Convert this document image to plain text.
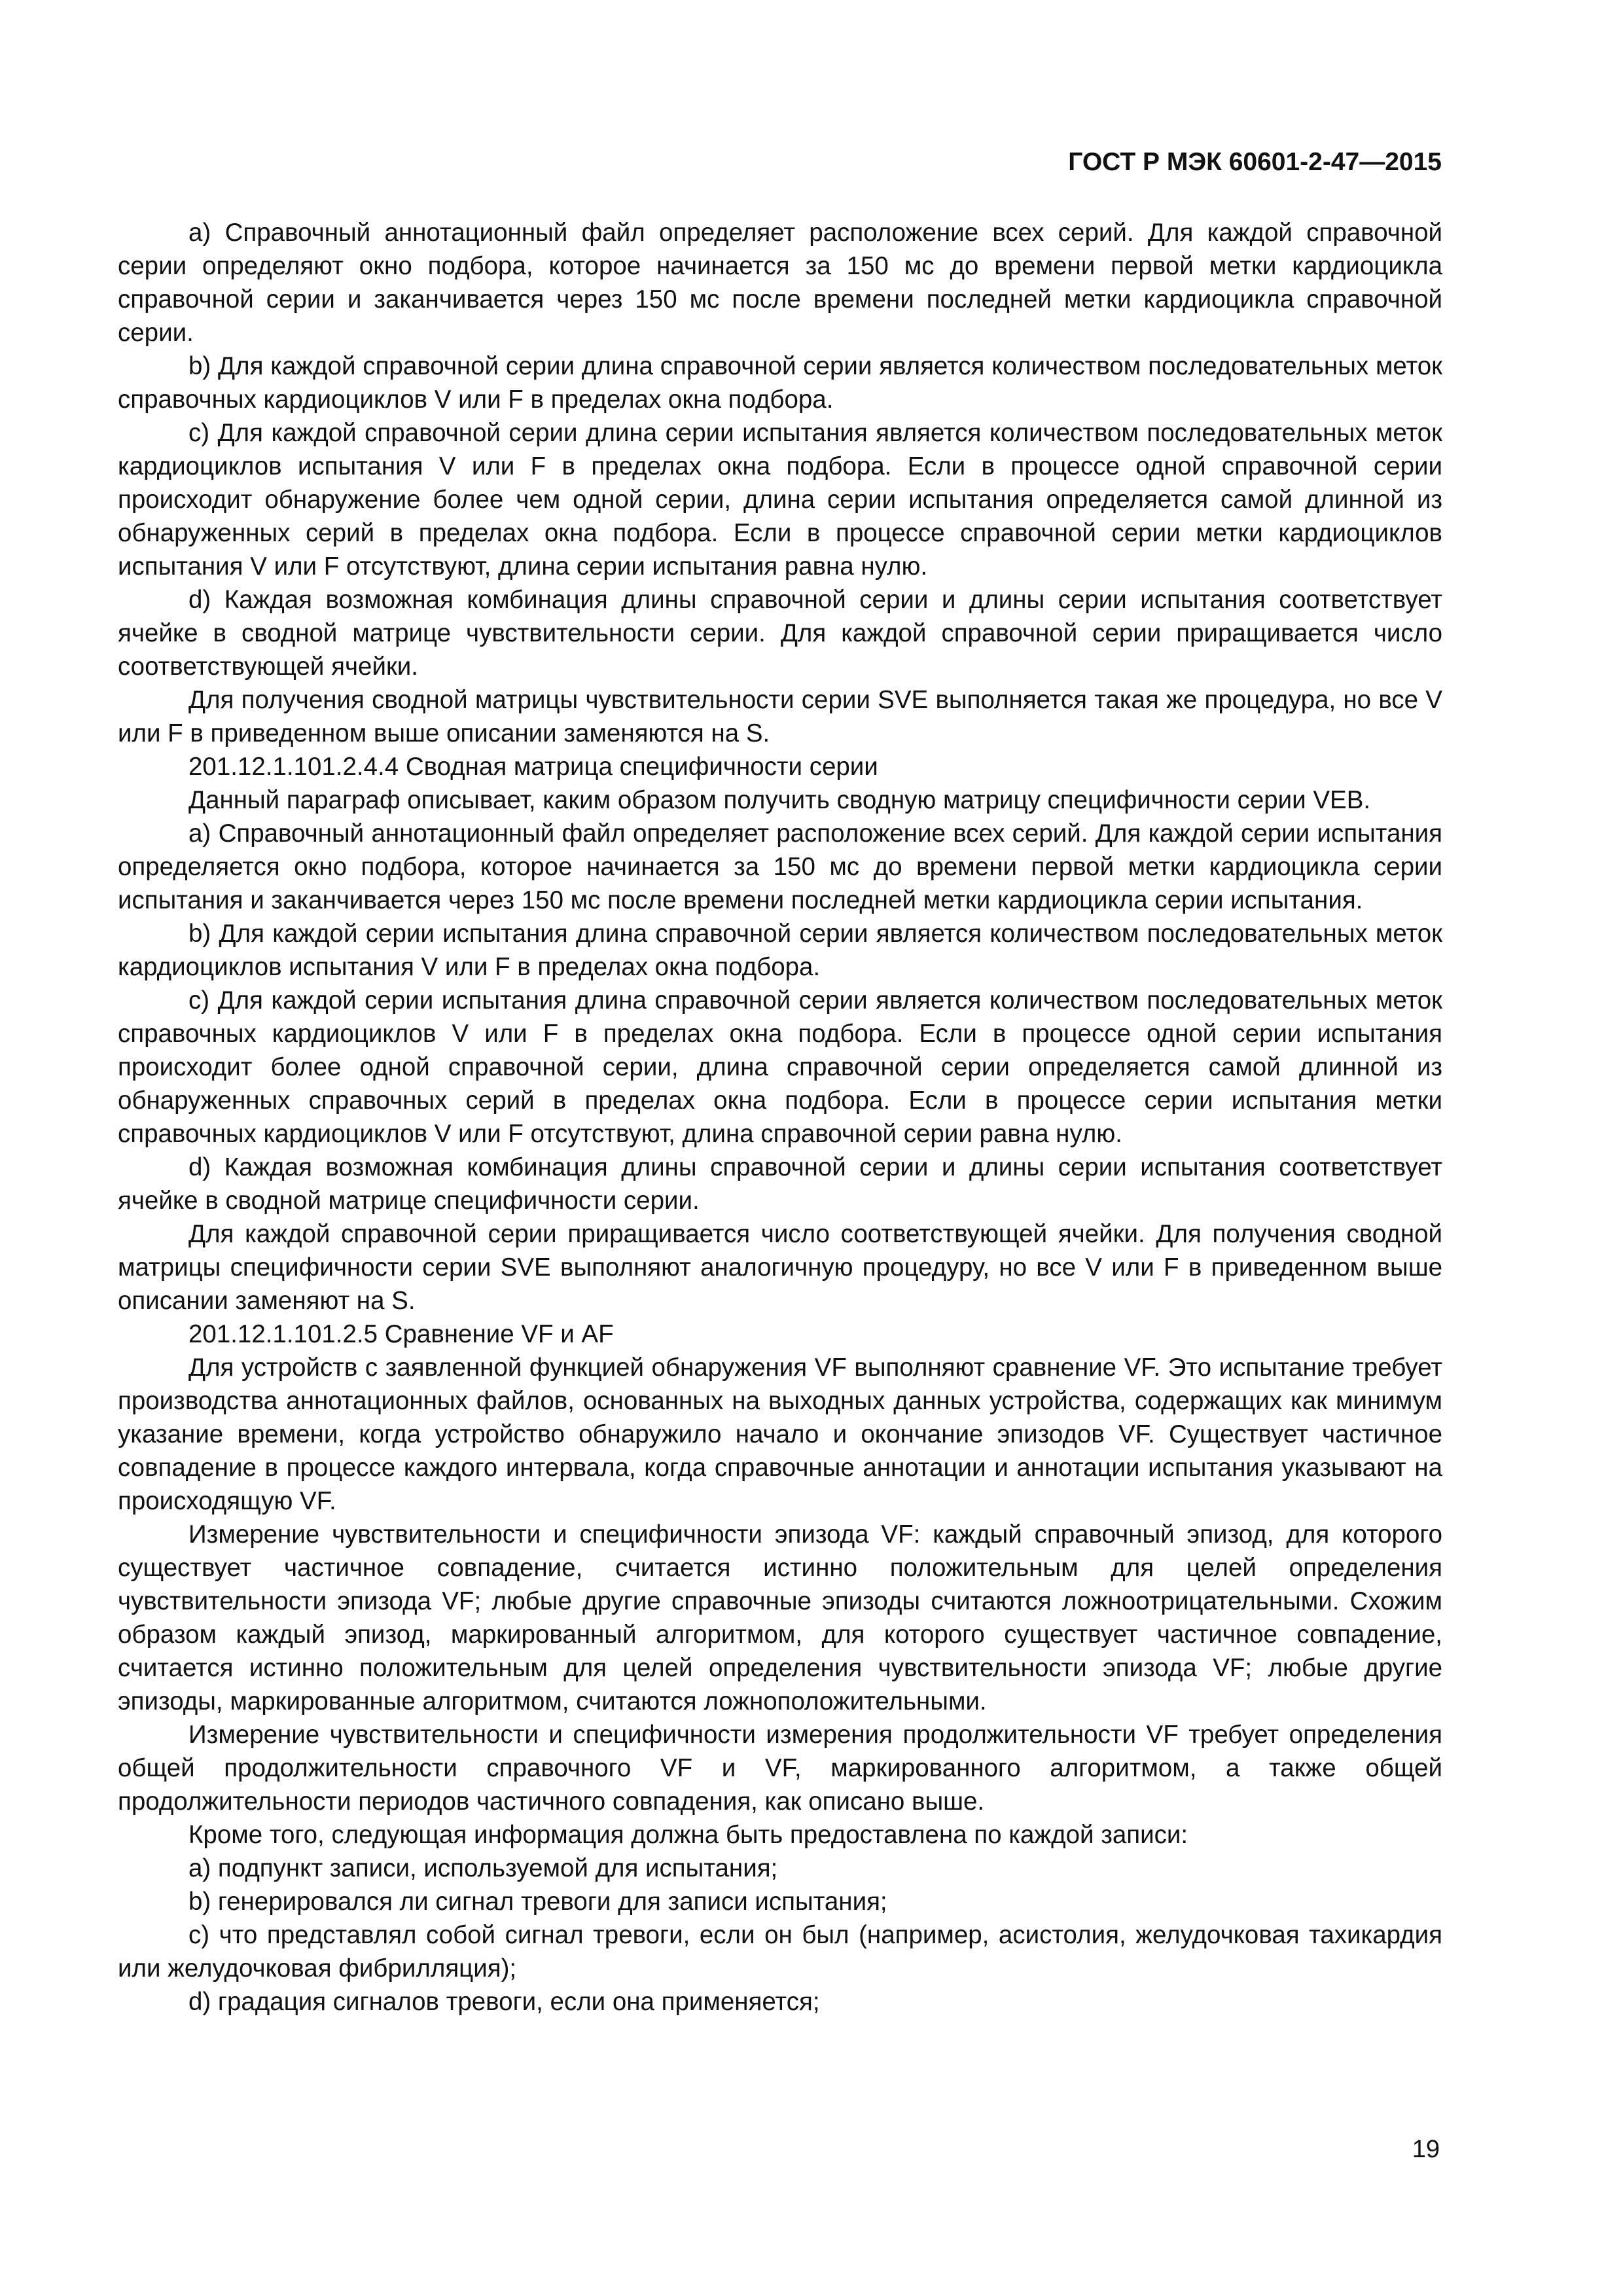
ГОСТ Р МЭК 60601-2-47—2015

а) Справочный аннотационный файл определяет расположение всех серий. Для каждой справочной серии определяют окно подбора, которое начинается за 150 мс до времени первой метки кардиоцикла справочной серии и заканчивается через 150 мс после времени последней метки кардиоцикла справочной серии.

b) Для каждой справочной серии длина справочной серии является количеством последовательных меток справочных кардиоциклов V или F в пределах окна подбора.

c) Для каждой справочной серии длина серии испытания является количеством последовательных меток кардиоциклов испытания V или F в пределах окна подбора. Если в процессе одной справочной серии происходит обнаружение более чем одной серии, длина серии испытания определяется самой длинной из обнаруженных серий в пределах окна подбора. Если в процессе справочной серии метки кардиоциклов испытания V или F отсутствуют, длина серии испытания равна нулю.

d) Каждая возможная комбинация длины справочной серии и длины серии испытания соответствует ячейке в сводной матрице чувствительности серии. Для каждой справочной серии приращивается число соответствующей ячейки.

Для получения сводной матрицы чувствительности серии SVE выполняется такая же процедура, но все V или F в приведенном выше описании заменяются на S.

201.12.1.101.2.4.4 Сводная матрица специфичности серии

Данный параграф описывает, каким образом получить сводную матрицу специфичности серии VEB.

а) Справочный аннотационный файл определяет расположение всех серий. Для каждой серии испытания определяется окно подбора, которое начинается за 150 мс до времени первой метки кардиоцикла серии испытания и заканчивается через 150 мс после времени последней метки кардиоцикла серии испытания.

b) Для каждой серии испытания длина справочной серии является количеством последовательных меток кардиоциклов испытания V или F в пределах окна подбора.

c) Для каждой серии испытания длина справочной серии является количеством последовательных меток справочных кардиоциклов V или F в пределах окна подбора. Если в процессе одной серии испытания происходит более одной справочной серии, длина справочной серии определяется самой длинной из обнаруженных справочных серий в пределах окна подбора. Если в процессе серии испытания метки справочных кардиоциклов V или F отсутствуют, длина справочной серии равна нулю.

d) Каждая возможная комбинация длины справочной серии и длины серии испытания соответствует ячейке в сводной матрице специфичности серии.

Для каждой справочной серии приращивается число соответствующей ячейки. Для получения сводной матрицы специфичности серии SVE выполняют аналогичную процедуру, но все V или F в приведенном выше описании заменяют на S.

201.12.1.101.2.5 Сравнение VF и AF

Для устройств с заявленной функцией обнаружения VF выполняют сравнение VF. Это испытание требует производства аннотационных файлов, основанных на выходных данных устройства, содержащих как минимум указание времени, когда устройство обнаружило начало и окончание эпизодов VF. Существует частичное совпадение в процессе каждого интервала, когда справочные аннотации и аннотации испытания указывают на происходящую VF.

Измерение чувствительности и специфичности эпизода VF: каждый справочный эпизод, для которого существует частичное совпадение, считается истинно положительным для целей определения чувствительности эпизода VF; любые другие справочные эпизоды считаются ложноотрицательными. Схожим образом каждый эпизод, маркированный алгоритмом, для которого существует частичное совпадение, считается истинно положительным для целей определения чувствительности эпизода VF; любые другие эпизоды, маркированные алгоритмом, считаются ложноположительными.

Измерение чувствительности и специфичности измерения продолжительности VF требует определения общей продолжительности справочного VF и VF, маркированного алгоритмом, а также общей продолжительности периодов частичного совпадения, как описано выше.

Кроме того, следующая информация должна быть предоставлена по каждой записи:

а) подпункт записи, используемой для испытания;

b) генерировался ли сигнал тревоги для записи испытания;

c) что представлял собой сигнал тревоги, если он был (например, асистолия, желудочковая тахикардия или желудочковая фибрилляция);

d) градация сигналов тревоги, если она применяется;

19
